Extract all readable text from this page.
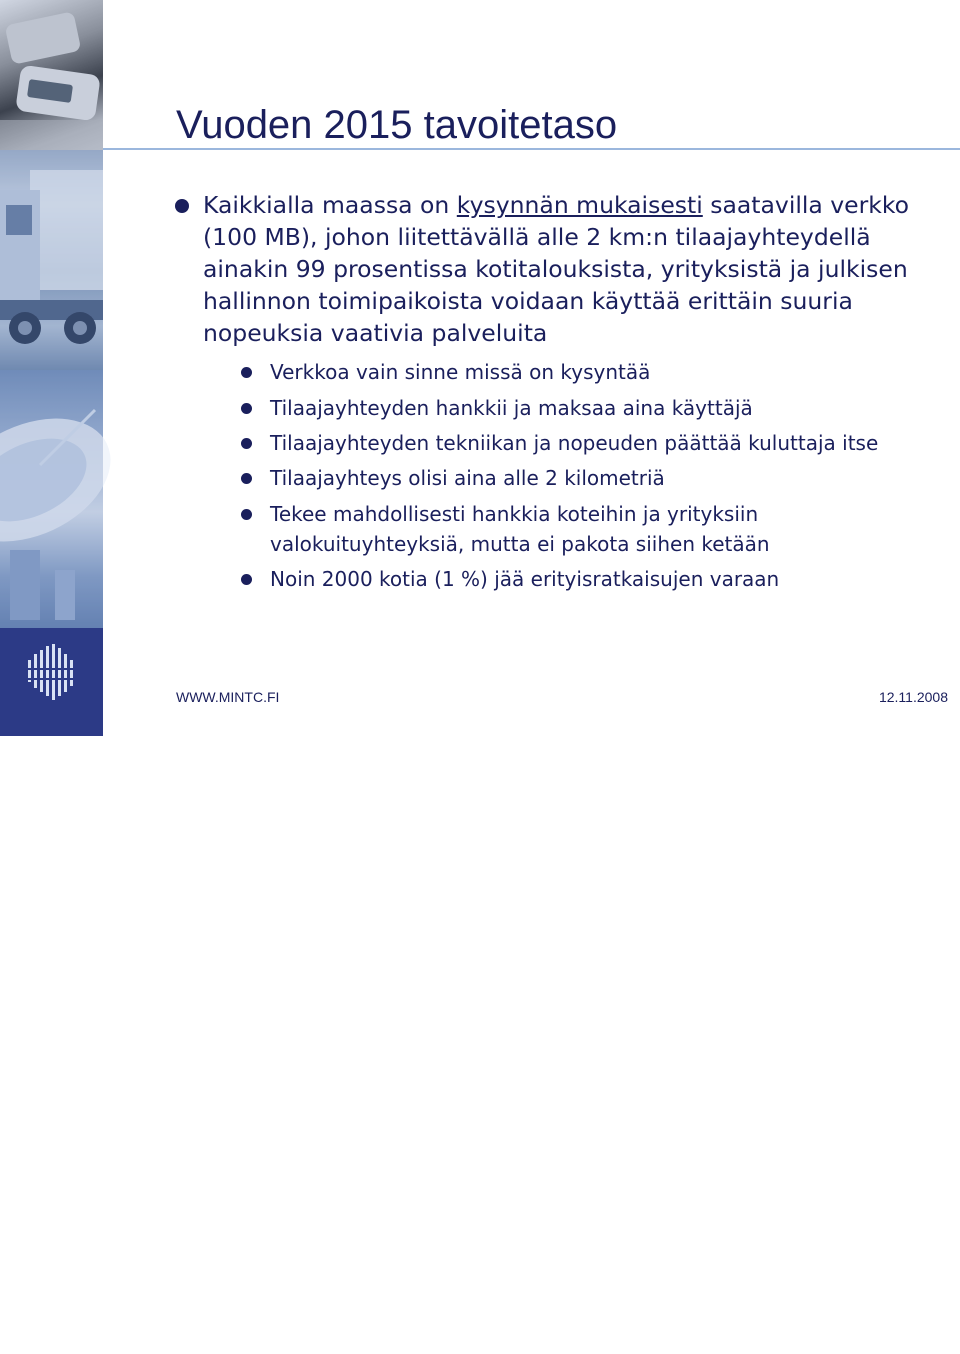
11
Vuoden 2015 tavoitetaso
Kaikkialla maassa on kysynnän mukaisesti saatavilla verkko (100 MB), johon liitettävällä alle 2 km:n tilaajayhteydellä ainakin 99 prosentissa kotitalouksista, yrityksistä ja julkisen hallinnon toimipaikoista voidaan käyttää erittäin suuria nopeuksia vaativia palveluita
Verkkoa vain sinne missä on kysyntää
Tilaajayhteyden hankkii ja maksaa aina käyttäjä
Tilaajayhteyden tekniikan ja nopeuden päättää kuluttaja itse
Tilaajayhteys olisi aina alle 2 kilometriä
Tekee mahdollisesti hankkia koteihin ja yrityksiin
valokuituyhteyksiä, mutta ei pakota siihen ketään
Noin 2000 kotia (1 %) jää erityisratkaisujen varaan
WWW.MINTC.FI	12.11.2008
